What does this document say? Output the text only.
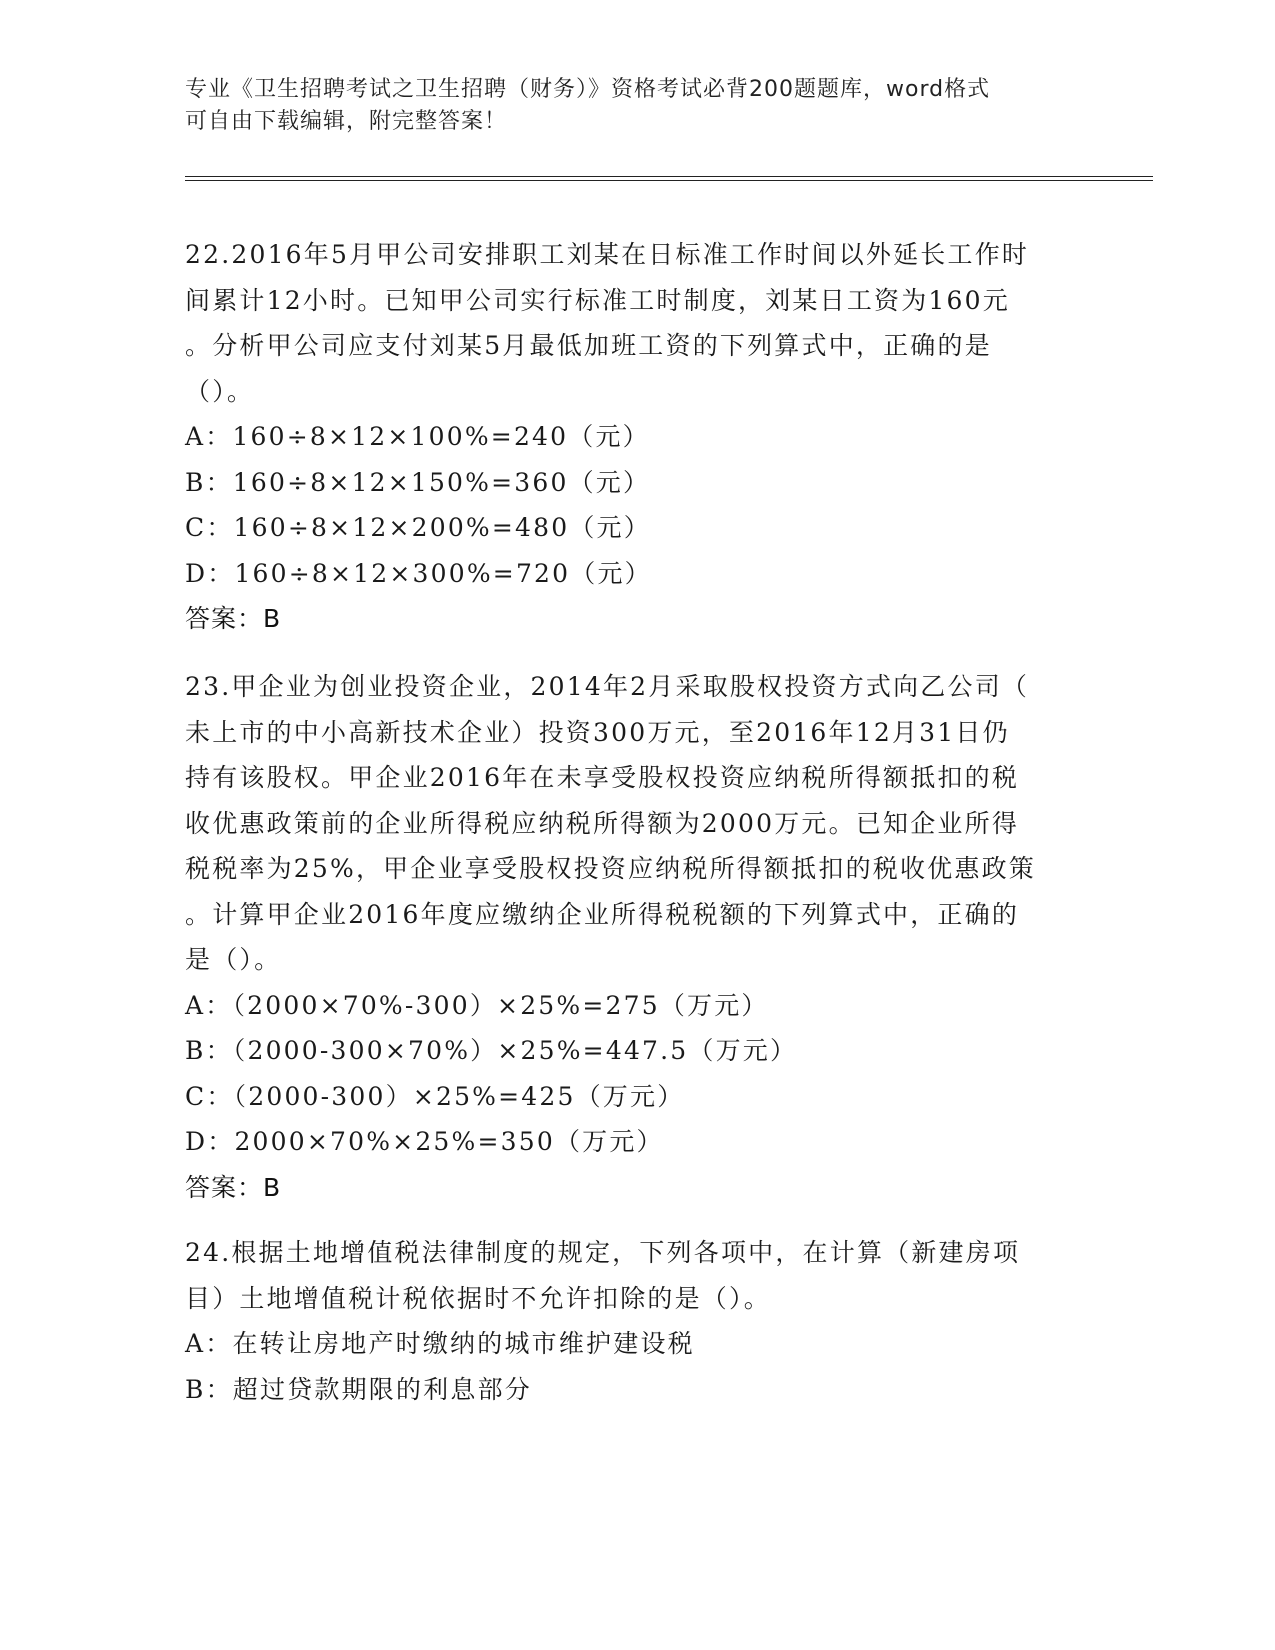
专业《卫生招聘考试之卫生招聘（财务）》资格考试必背200题题库，word格式
可自由下载编辑，附完整答案！

22.2016年5月甲公司安排职工刘某在日标准工作时间以外延长工作时

间累计12小时。已知甲公司实行标准工时制度，刘某日工资为160元

。分析甲公司应支付刘某5月最低加班工资的下列算式中，正确的是

（）。

A：160÷8×12×100%=240（元）

B：160÷8×12×150%=360（元）

C：160÷8×12×200%=480（元）

D：160÷8×12×300%=720（元）

答案：B

23.甲企业为创业投资企业，2014年2月采取股权投资方式向乙公司（

未上市的中小高新技术企业）投资300万元，至2016年12月31日仍

持有该股权。甲企业2016年在未享受股权投资应纳税所得额抵扣的税

收优惠政策前的企业所得税应纳税所得额为2000万元。已知企业所得

税税率为25%，甲企业享受股权投资应纳税所得额抵扣的税收优惠政策

。计算甲企业2016年度应缴纳企业所得税税额的下列算式中，正确的

是（）。

A：（2000×70%-300）×25%=275（万元）

B：（2000-300×70%）×25%=447.5（万元）

C：（2000-300）×25%=425（万元）

D：2000×70%×25%=350（万元）

答案：B

24.根据土地增值税法律制度的规定，下列各项中，在计算（新建房项

目）土地增值税计税依据时不允许扣除的是（）。

A：在转让房地产时缴纳的城市维护建设税

B：超过贷款期限的利息部分
